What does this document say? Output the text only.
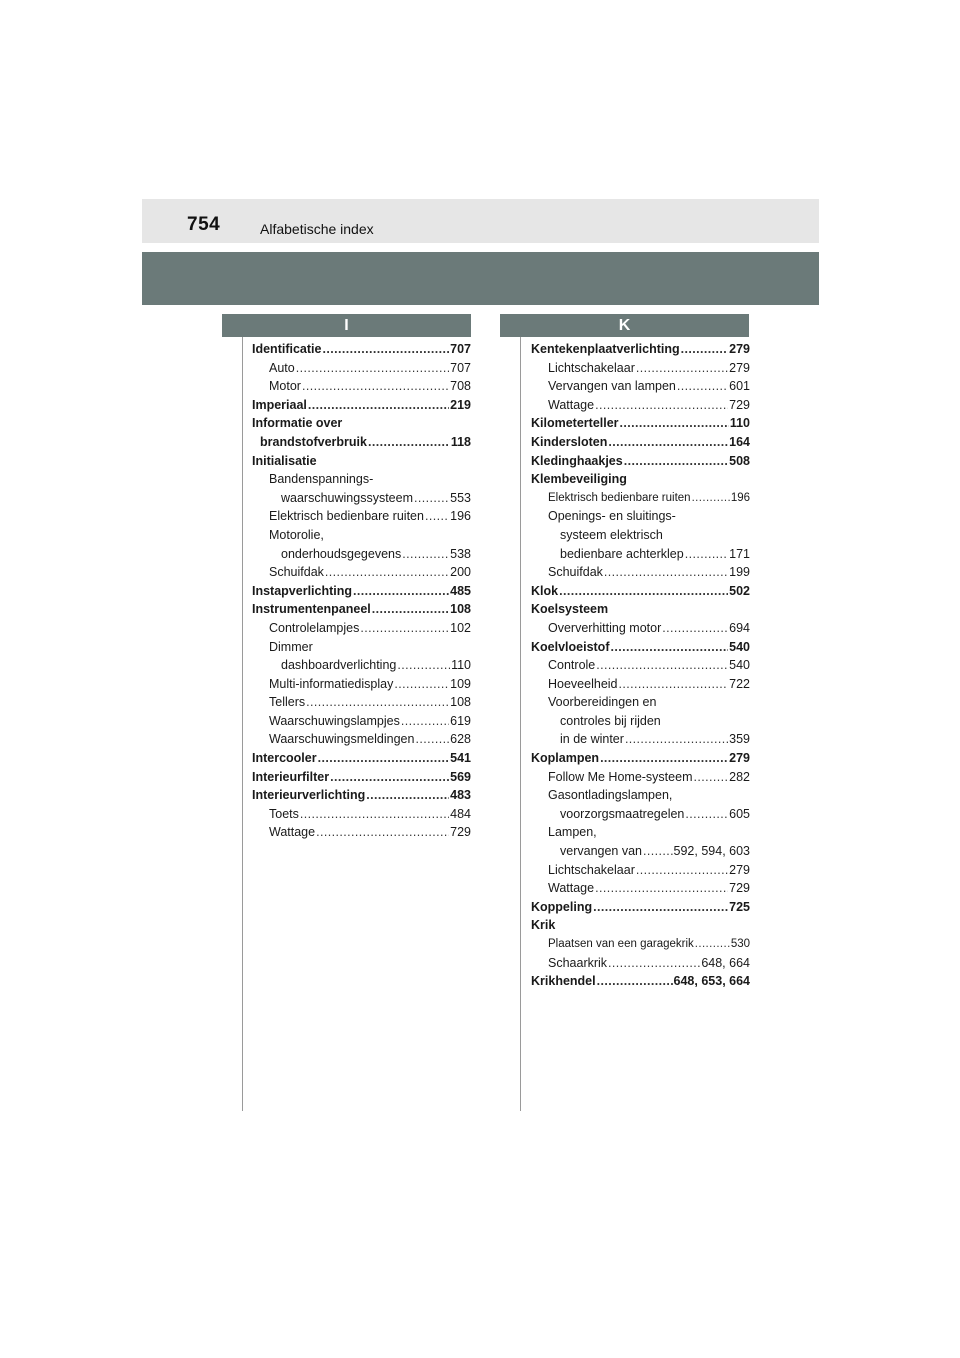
754	Alfabetische index
I	K
Identificatie .....	707
Auto .....	707
Motor .....	708
Imperiaal .....	219
Informatie over
brandstofverbruik .....	118
Initialisatie
Bandenspannings-
waarschuwingssysteem .....	553
Elektrisch bedienbare ruiten ..... 196
Motorolie,
onderhoudsgegevens .....	538
Schuifdak .....	200
Instapverlichting .....	485
Instrumentenpaneel .....	108
Controlelampjes .....	102
Dimmer
dashboardverlichting .....	110
Multi-informatiedisplay .....	109
Tellers .....	108
Waarschuwingslampjes .....	619
Waarschuwingsmeldingen .....	628
Intercooler .....	541
Interieurfilter .....	569
Interieurverlichting .....	483
Toets .....	484
Wattage .....	729
Kentekenplaatverlichting .....	279
Lichtschakelaar .....	279
Vervangen van lampen .....	601
Wattage .....	729
Kilometerteller .....	110
Kindersloten .....	164
Kledinghaakjes .....	508
Klembeveiliging
Elektrisch bedienbare ruiten .....	196
Openings- en sluitings-
systeem elektrisch
bedienbare achterklep .....	171
Schuifdak .....	199
Klok .....	502
Koelsysteem
Oververhitting motor .....	694
Koelvloeistof .....	540
Controle .....	540
Hoeveelheid .....	722
Voorbereidingen en
controles bij rijden
in de winter .....	359
Koplampen .....	279
Follow Me Home-systeem .....	282
Gasontladingslampen,
voorzorgsmaatregelen .....	605
Lampen,
vervangen van .....	592, 594, 603
Lichtschakelaar .....	279
Wattage .....	729
Koppeling .....	725
Krik
Plaatsen van een garagekrik .....	530
Schaarkrik .....	648, 664
Krikhendel .....	648, 653, 664
